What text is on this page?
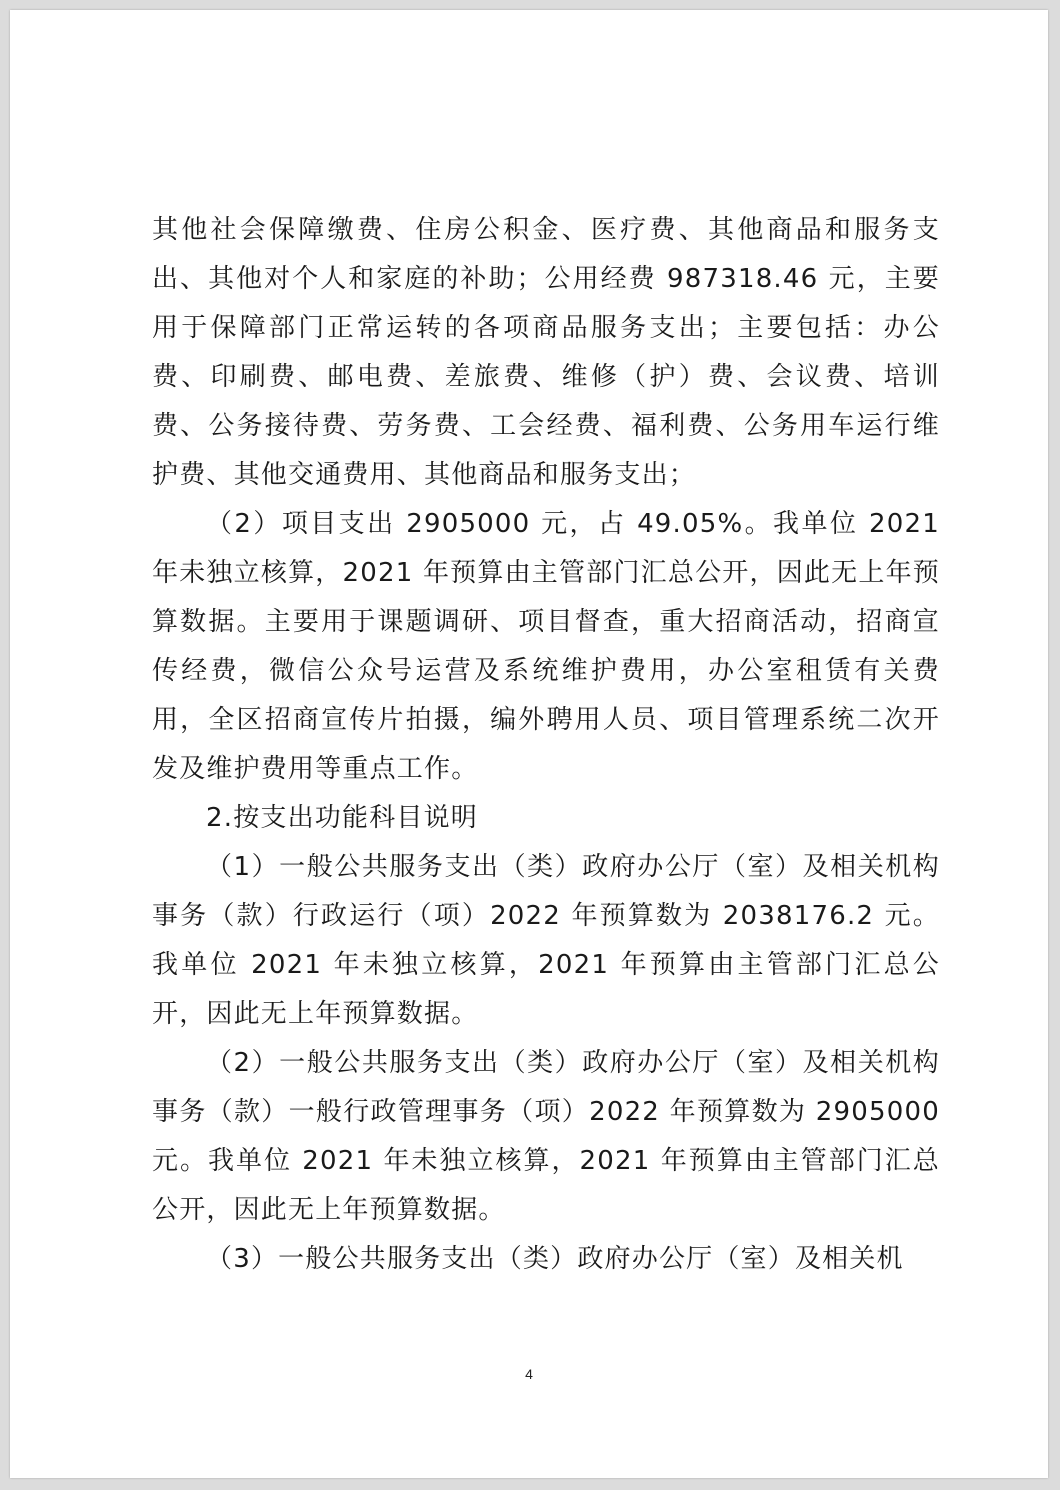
其他社会保障缴费、住房公积金、医疗费、其他商品和服务支出、其他对个人和家庭的补助；公用经费 987318.46 元，主要用于保障部门正常运转的各项商品服务支出；主要包括：办公费、印刷费、邮电费、差旅费、维修（护）费、会议费、培训费、公务接待费、劳务费、工会经费、福利费、公务用车运行维护费、其他交通费用、其他商品和服务支出；

（2）项目支出 2905000 元，占 49.05%。我单位 2021 年未独立核算，2021 年预算由主管部门汇总公开，因此无上年预算数据。主要用于课题调研、项目督查，重大招商活动，招商宣传经费，微信公众号运营及系统维护费用，办公室租赁有关费用，全区招商宣传片拍摄，编外聘用人员、项目管理系统二次开发及维护费用等重点工作。

2.按支出功能科目说明

（1）一般公共服务支出（类）政府办公厅（室）及相关机构事务（款）行政运行（项）2022 年预算数为 2038176.2 元。我单位 2021 年未独立核算，2021 年预算由主管部门汇总公开，因此无上年预算数据。

（2）一般公共服务支出（类）政府办公厅（室）及相关机构事务（款）一般行政管理事务（项）2022 年预算数为 2905000 元。我单位 2021 年未独立核算，2021 年预算由主管部门汇总公开，因此无上年预算数据。

（3）一般公共服务支出（类）政府办公厅（室）及相关机

4
